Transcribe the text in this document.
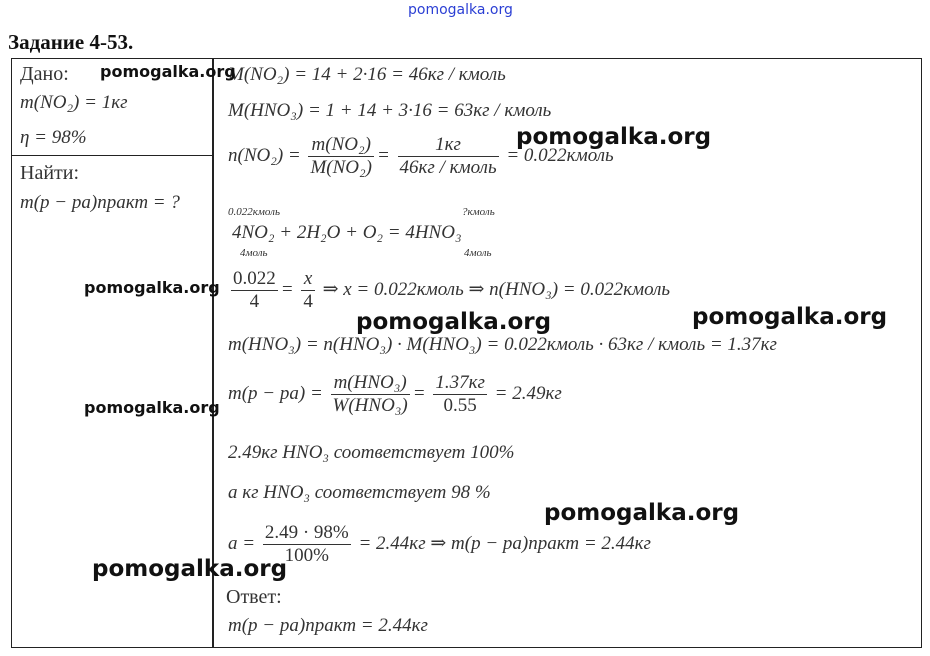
pomogalka.org
Задание 4-53.
Дано:
m(NO₂) = 1кг
η = 98%
Найти:
m(p − pa)практ = ?
M(NO₂) = 14 + 2·16 = 46кг / кмоль
M(HNO₃) = 1 + 14 + 3·16 = 63кг / кмоль
$n(NO_2) = \frac{\text{m(NO₂)}}{\text{M(NO₂)}} = \frac{1кг}{\text{46кг / кмоль}}$ = 0.022кмоль
0.022кмоль	?кмоль
4NO₂ + 2H₂O + O₂ = 4HNO₃
4моль	4моль
$\frac{0.022}{4} = \frac{x}{4}$ ⇒ x = 0.022кмоль ⇒ n(HNO₃) = 0.022кмоль
m(HNO₃) = n(HNO₃) · M(HNO₃) = 0.022кмоль · 63кг / кмоль = 1.37кг
$m(p - pa) = \frac{\text{m(HNO₃)}}{\text{W(HNO₃)}} = \frac{1.37кг}{0.55} = 2.49кг$
2.49кг HNO₃ соответствует 100%
a кг HNO₃ соответствует 98 %
$a = \frac{2.49 \cdot 98\%}{100\%} = 2.44кг$ ⇒ m(p − pa)практ = 2.44кг
Ответ:
m(p − pa)практ = 2.44кг
pomogalka.org
pomogalka.org
pomogalka.org
pomogalka.org	pomogalka.org
pomogalka.org
pomogalka.org
pomogalka.org
